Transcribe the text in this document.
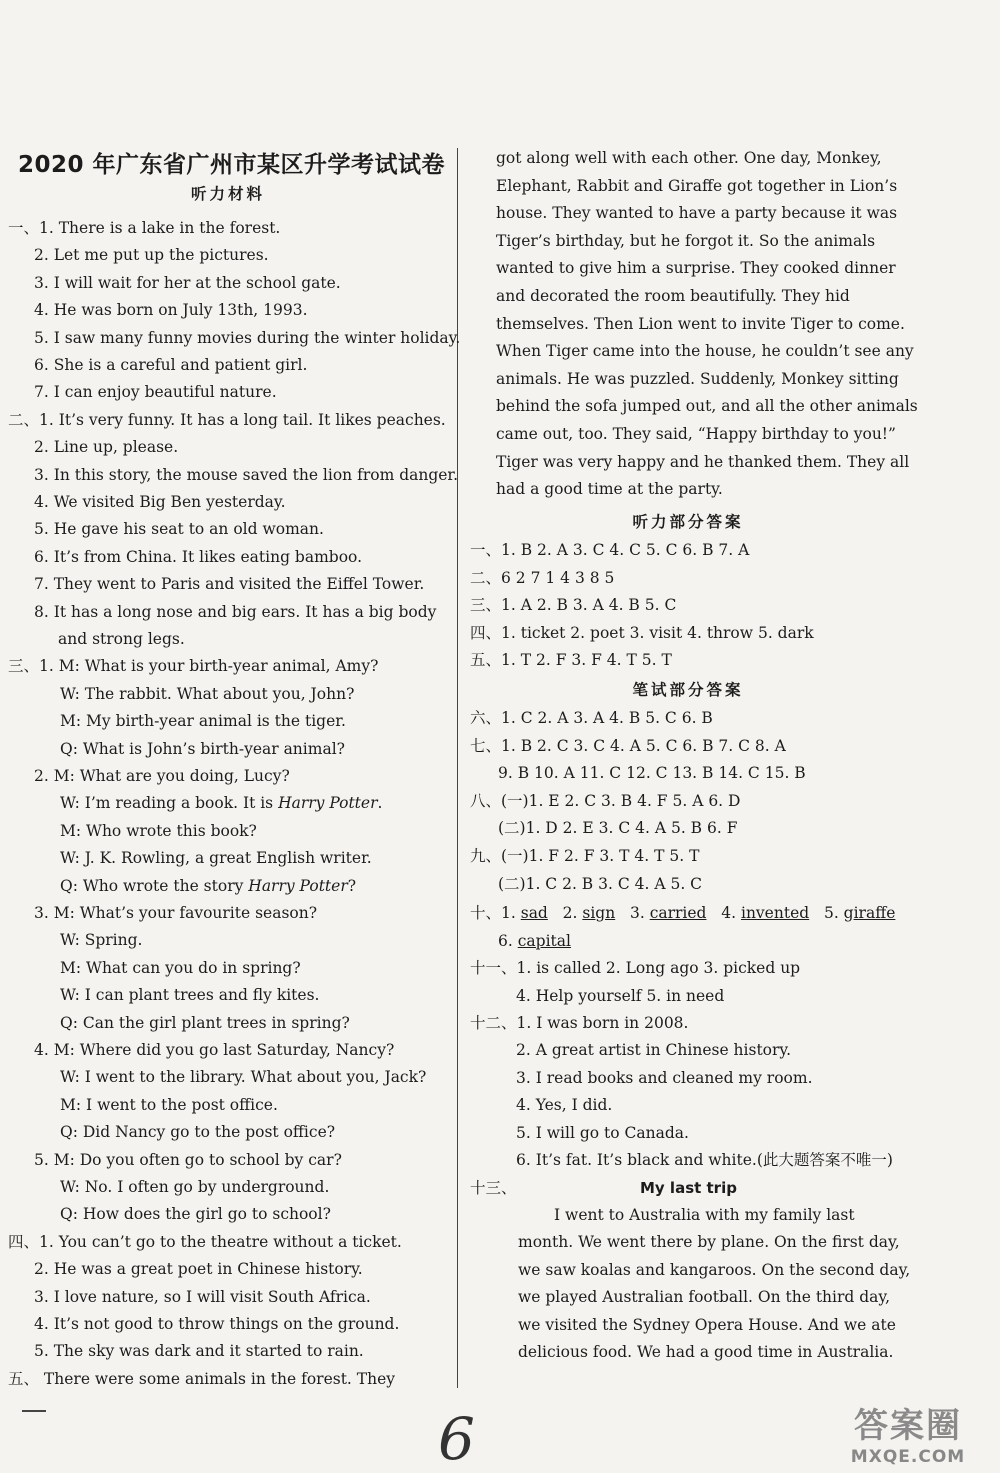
2020 年广东省广州市某区升学考试试卷
听力材料
一、1. There is a lake in the forest.
2. Let me put up the pictures.
3. I will wait for her at the school gate.
4. He was born on July 13th, 1993.
5. I saw many funny movies during the winter holiday.
6. She is a careful and patient girl.
7. I can enjoy beautiful nature.
二、1. It’s very funny. It has a long tail. It likes peaches.
2. Line up, please.
3. In this story, the mouse saved the lion from danger.
4. We visited Big Ben yesterday.
5. He gave his seat to an old woman.
6. It’s from China. It likes eating bamboo.
7. They went to Paris and visited the Eiffel Tower.
8. It has a long nose and big ears. It has a big body
and strong legs.
三、1. M: What is your birth-year animal, Amy?
W: The rabbit. What about you, John?
M: My birth-year animal is the tiger.
Q: What is John’s birth-year animal?
2. M: What are you doing, Lucy?
W: I’m reading a book. It is Harry Potter.
M: Who wrote this book?
W: J. K. Rowling, a great English writer.
Q: Who wrote the story Harry Potter?
3. M: What’s your favourite season?
W: Spring.
M: What can you do in spring?
W: I can plant trees and fly kites.
Q: Can the girl plant trees in spring?
4. M: Where did you go last Saturday, Nancy?
W: I went to the library. What about you, Jack?
M: I went to the post office.
Q: Did Nancy go to the post office?
5. M: Do you often go to school by car?
W: No. I often go by underground.
Q: How does the girl go to school?
四、1. You can’t go to the theatre without a ticket.
2. He was a great poet in Chinese history.
3. I love nature, so I will visit South Africa.
4. It’s not good to throw things on the ground.
5. The sky was dark and it started to rain.
五、 There were some animals in the forest. They
got along well with each other. One day, Monkey,
Elephant, Rabbit and Giraffe got together in Lion’s
house. They wanted to have a party because it was
Tiger’s birthday, but he forgot it. So the animals
wanted to give him a surprise. They cooked dinner
and decorated the room beautifully. They hid
themselves. Then Lion went to invite Tiger to come.
When Tiger came into the house, he couldn’t see any
animals. He was puzzled. Suddenly, Monkey sitting
behind the sofa jumped out, and all the other animals
came out, too. They said, “Happy birthday to you!”
Tiger was very happy and he thanked them. They all
had a good time at the party.
听力部分答案
一、1. B 2. A 3. C 4. C 5. C 6. B 7. A
二、6 2 7 1 4 3 8 5
三、1. A 2. B 3. A 4. B 5. C
四、1. ticket 2. poet 3. visit 4. throw 5. dark
五、1. T 2. F 3. F 4. T 5. T
笔试部分答案
六、1. C 2. A 3. A 4. B 5. C 6. B
七、1. B 2. C 3. C 4. A 5. C 6. B 7. C 8. A
9. B 10. A 11. C 12. C 13. B 14. C 15. B
八、(一)1. E 2. C 3. B 4. F 5. A 6. D
(二)1. D 2. E 3. C 4. A 5. B 6. F
九、(一)1. F 2. F 3. T 4. T 5. T
(二)1. C 2. B 3. C 4. A 5. C
十、1. sad   2. sign   3. carried   4. invented   5. giraffe
6. capital
十一、1. is called 2. Long ago 3. picked up
4. Help yourself 5. in need
十二、1. I was born in 2008.
2. A great artist in Chinese history.
3. I read books and cleaned my room.
4. Yes, I did.
5. I will go to Canada.
6. It’s fat. It’s black and white.(此大题答案不唯一)
十三、	My last trip
I went to Australia with my family last
month. We went there by plane. On the first day,
we saw koalas and kangaroos. On the second day,
we played Australian football. On the third day,
we visited the Sydney Opera House. And we ate
delicious food. We had a good time in Australia.
6	答案圈
MXQE.COM
